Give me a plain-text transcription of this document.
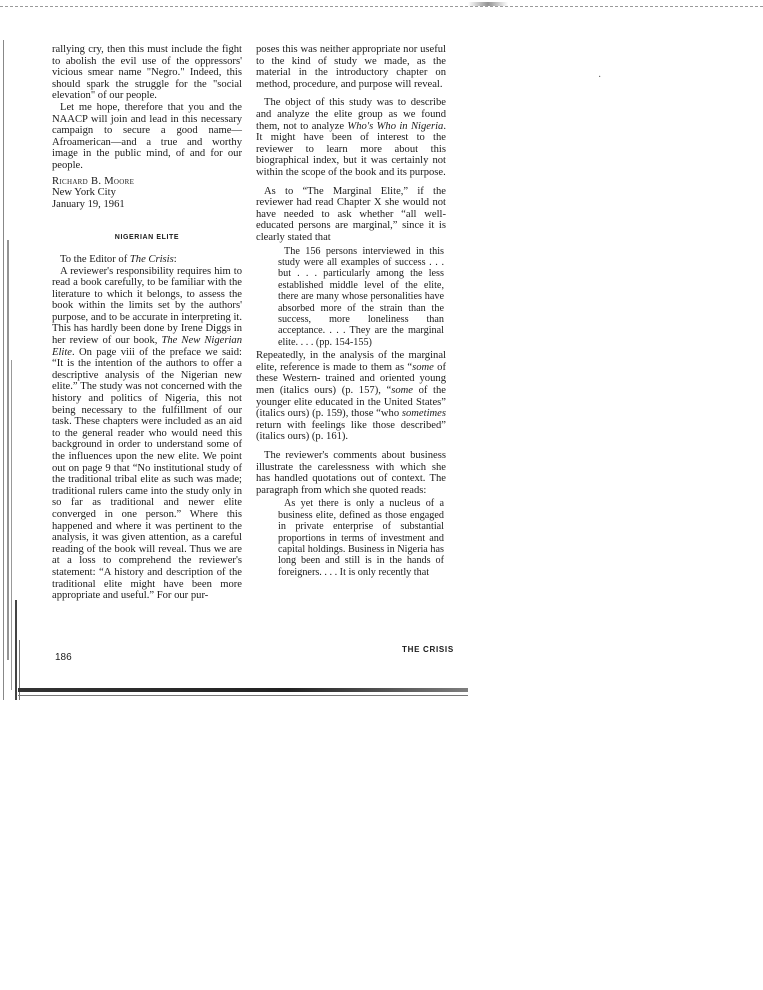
·

rallying cry, then this must include the fight to abolish the evil use of the oppressors' vicious smear name "Negro." Indeed, this should spark the struggle for the "social elevation" of our people.

Let me hope, therefore that you and the NAACP will join and lead in this necessary campaign to secure a good name—Afroamerican—and a true and worthy image in the public mind, of and for our people.

Richard B. Moore
New York City
January 19, 1961
NIGERIAN ELITE

To the Editor of The Crisis:

A reviewer's responsibility requires him to read a book carefully, to be familiar with the literature to which it belongs, to assess the book within the limits set by the authors' purpose, and to be accurate in interpreting it. This has hardly been done by Irene Diggs in her review of our book, The New Nigerian Elite. On page viii of the preface we said: “It is the intention of the authors to offer a descriptive analysis of the Nigerian new elite.” The study was not concerned with the history and politics of Nigeria, this not being necessary to the fulfillment of our task. These chapters were included as an aid to the general reader who would need this background in order to understand some of the influences upon the new elite. We point out on page 9 that “No institutional study of the traditional tribal elite as such was made; traditional rulers came into the study only in so far as traditional and newer elite converged in one person.” Where this happened and where it was pertinent to the analysis, it was given attention, as a careful reading of the book will reveal. Thus we are at a loss to comprehend the reviewer's statement: “A history and description of the traditional elite might have been more appropriate and useful.” For our pur-

poses this was neither appropriate nor useful to the kind of study we made, as the material in the introductory chapter on method, procedure, and purpose will reveal.

The object of this study was to describe and analyze the elite group as we found them, not to analyze Who's Who in Nigeria. It might have been of interest to the reviewer to learn more about this biographical index, but it was certainly not within the scope of the book and its purpose.

As to “The Marginal Elite,” if the reviewer had read Chapter X she would not have needed to ask whether “all well-educated persons are marginal,” since it is clearly stated that

The 156 persons interviewed in this study were all examples of success . . . but . . . particularly among the less established middle level of the elite, there are many whose personalities have absorbed more of the strain than the success, more loneliness than acceptance. . . . They are the marginal elite. . . . (pp. 154-155)

Repeatedly, in the analysis of the marginal elite, reference is made to them as “some of these Western- trained and oriented young men (italics ours) (p. 157), “some of the younger elite educated in the United States” (italics ours) (p. 159), those “who sometimes return with feelings like those described” (italics ours) (p. 161).

The reviewer's comments about business illustrate the carelessness with which she has handled quotations out of context. The paragraph from which she quoted reads:

As yet there is only a nucleus of a business elite, defined as those engaged in private enterprise of substantial proportions in terms of investment and capital holdings. Business in Nigeria has long been and still is in the hands of foreigners. . . . It is only recently that

186
THE CRISIS
